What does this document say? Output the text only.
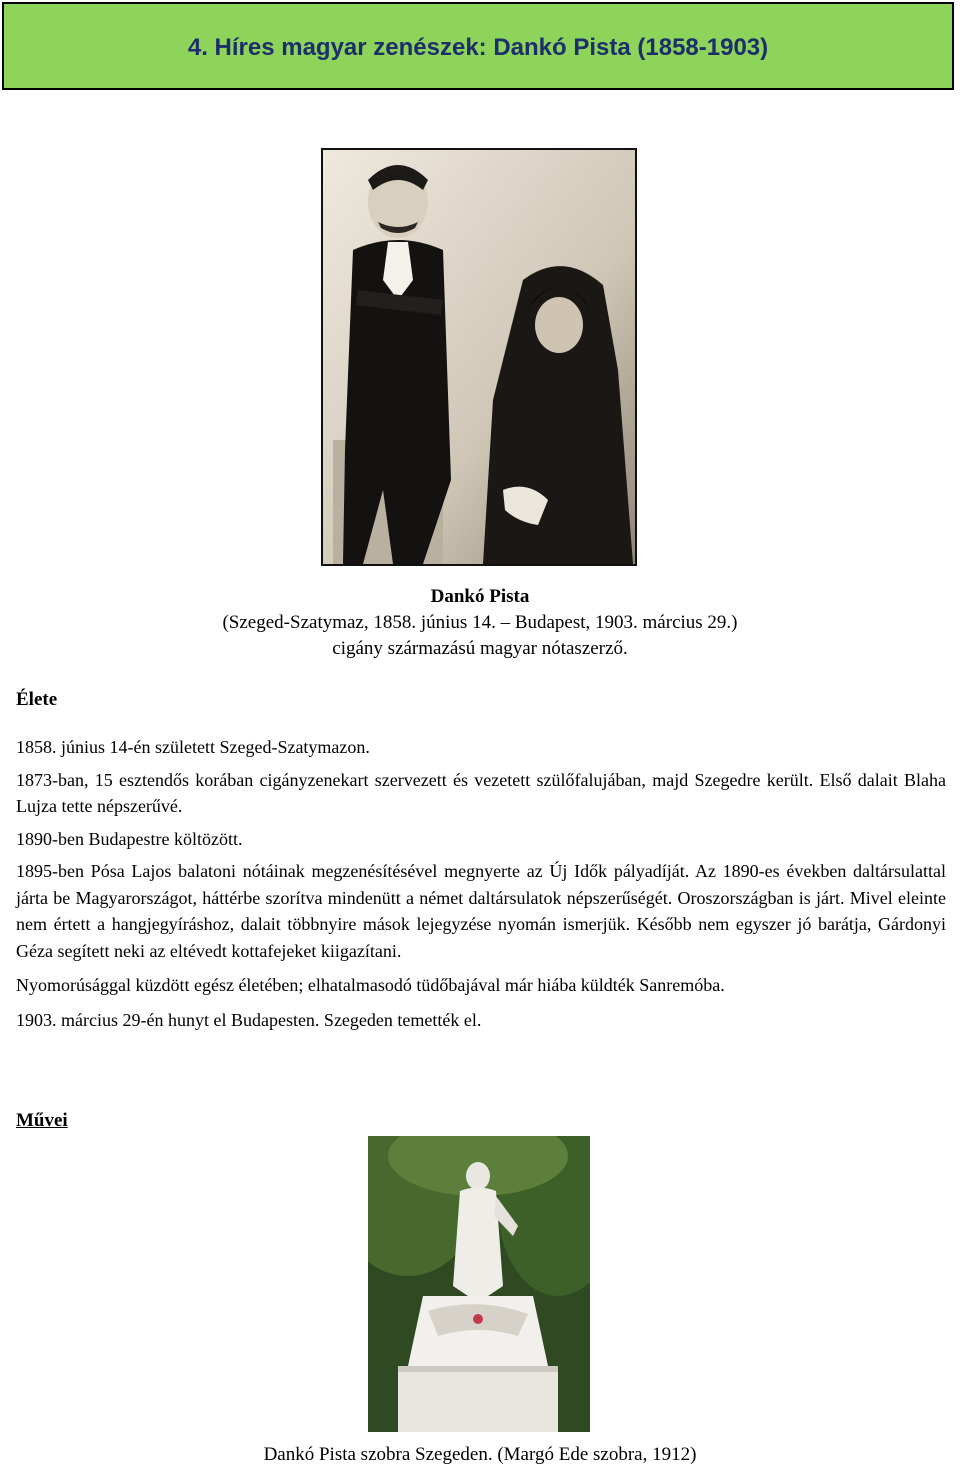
4. Híres magyar zenészek: Dankó Pista (1858-1903)
Dankó Pista
(Szeged-Szatymaz, 1858. június 14. – Budapest, 1903. március 29.)
cigány származású magyar nótaszerző.
Élete

1858. június 14-én született Szeged-Szatymazon.

1873-ban, 15 esztendős korában cigányzenekart szervezett és vezetett szülőfalujában, majd Szegedre került. Első dalait Blaha Lujza tette népszerűvé.

1890-ben Budapestre költözött.

1895-ben Pósa Lajos balatoni nótáinak megzenésítésével megnyerte az Új Idők pályadíját. Az 1890-es években daltársulattal járta be Magyarországot, háttérbe szorítva mindenütt a német daltársulatok népszerűségét. Oroszországban is járt. Mivel eleinte nem értett a hangjegyíráshoz, dalait többnyire mások lejegyzése nyomán ismerjük. Később nem egyszer jó barátja, Gárdonyi Géza segített neki az eltévedt kottafejeket kiigazítani.

Nyomorúsággal küzdött egész életében; elhatalmasodó tüdőbajával már hiába küldték Sanremóba.

1903. március 29-én hunyt el Budapesten. Szegeden temették el.

Művei
Dankó Pista szobra Szegeden. (Margó Ede szobra, 1912)
